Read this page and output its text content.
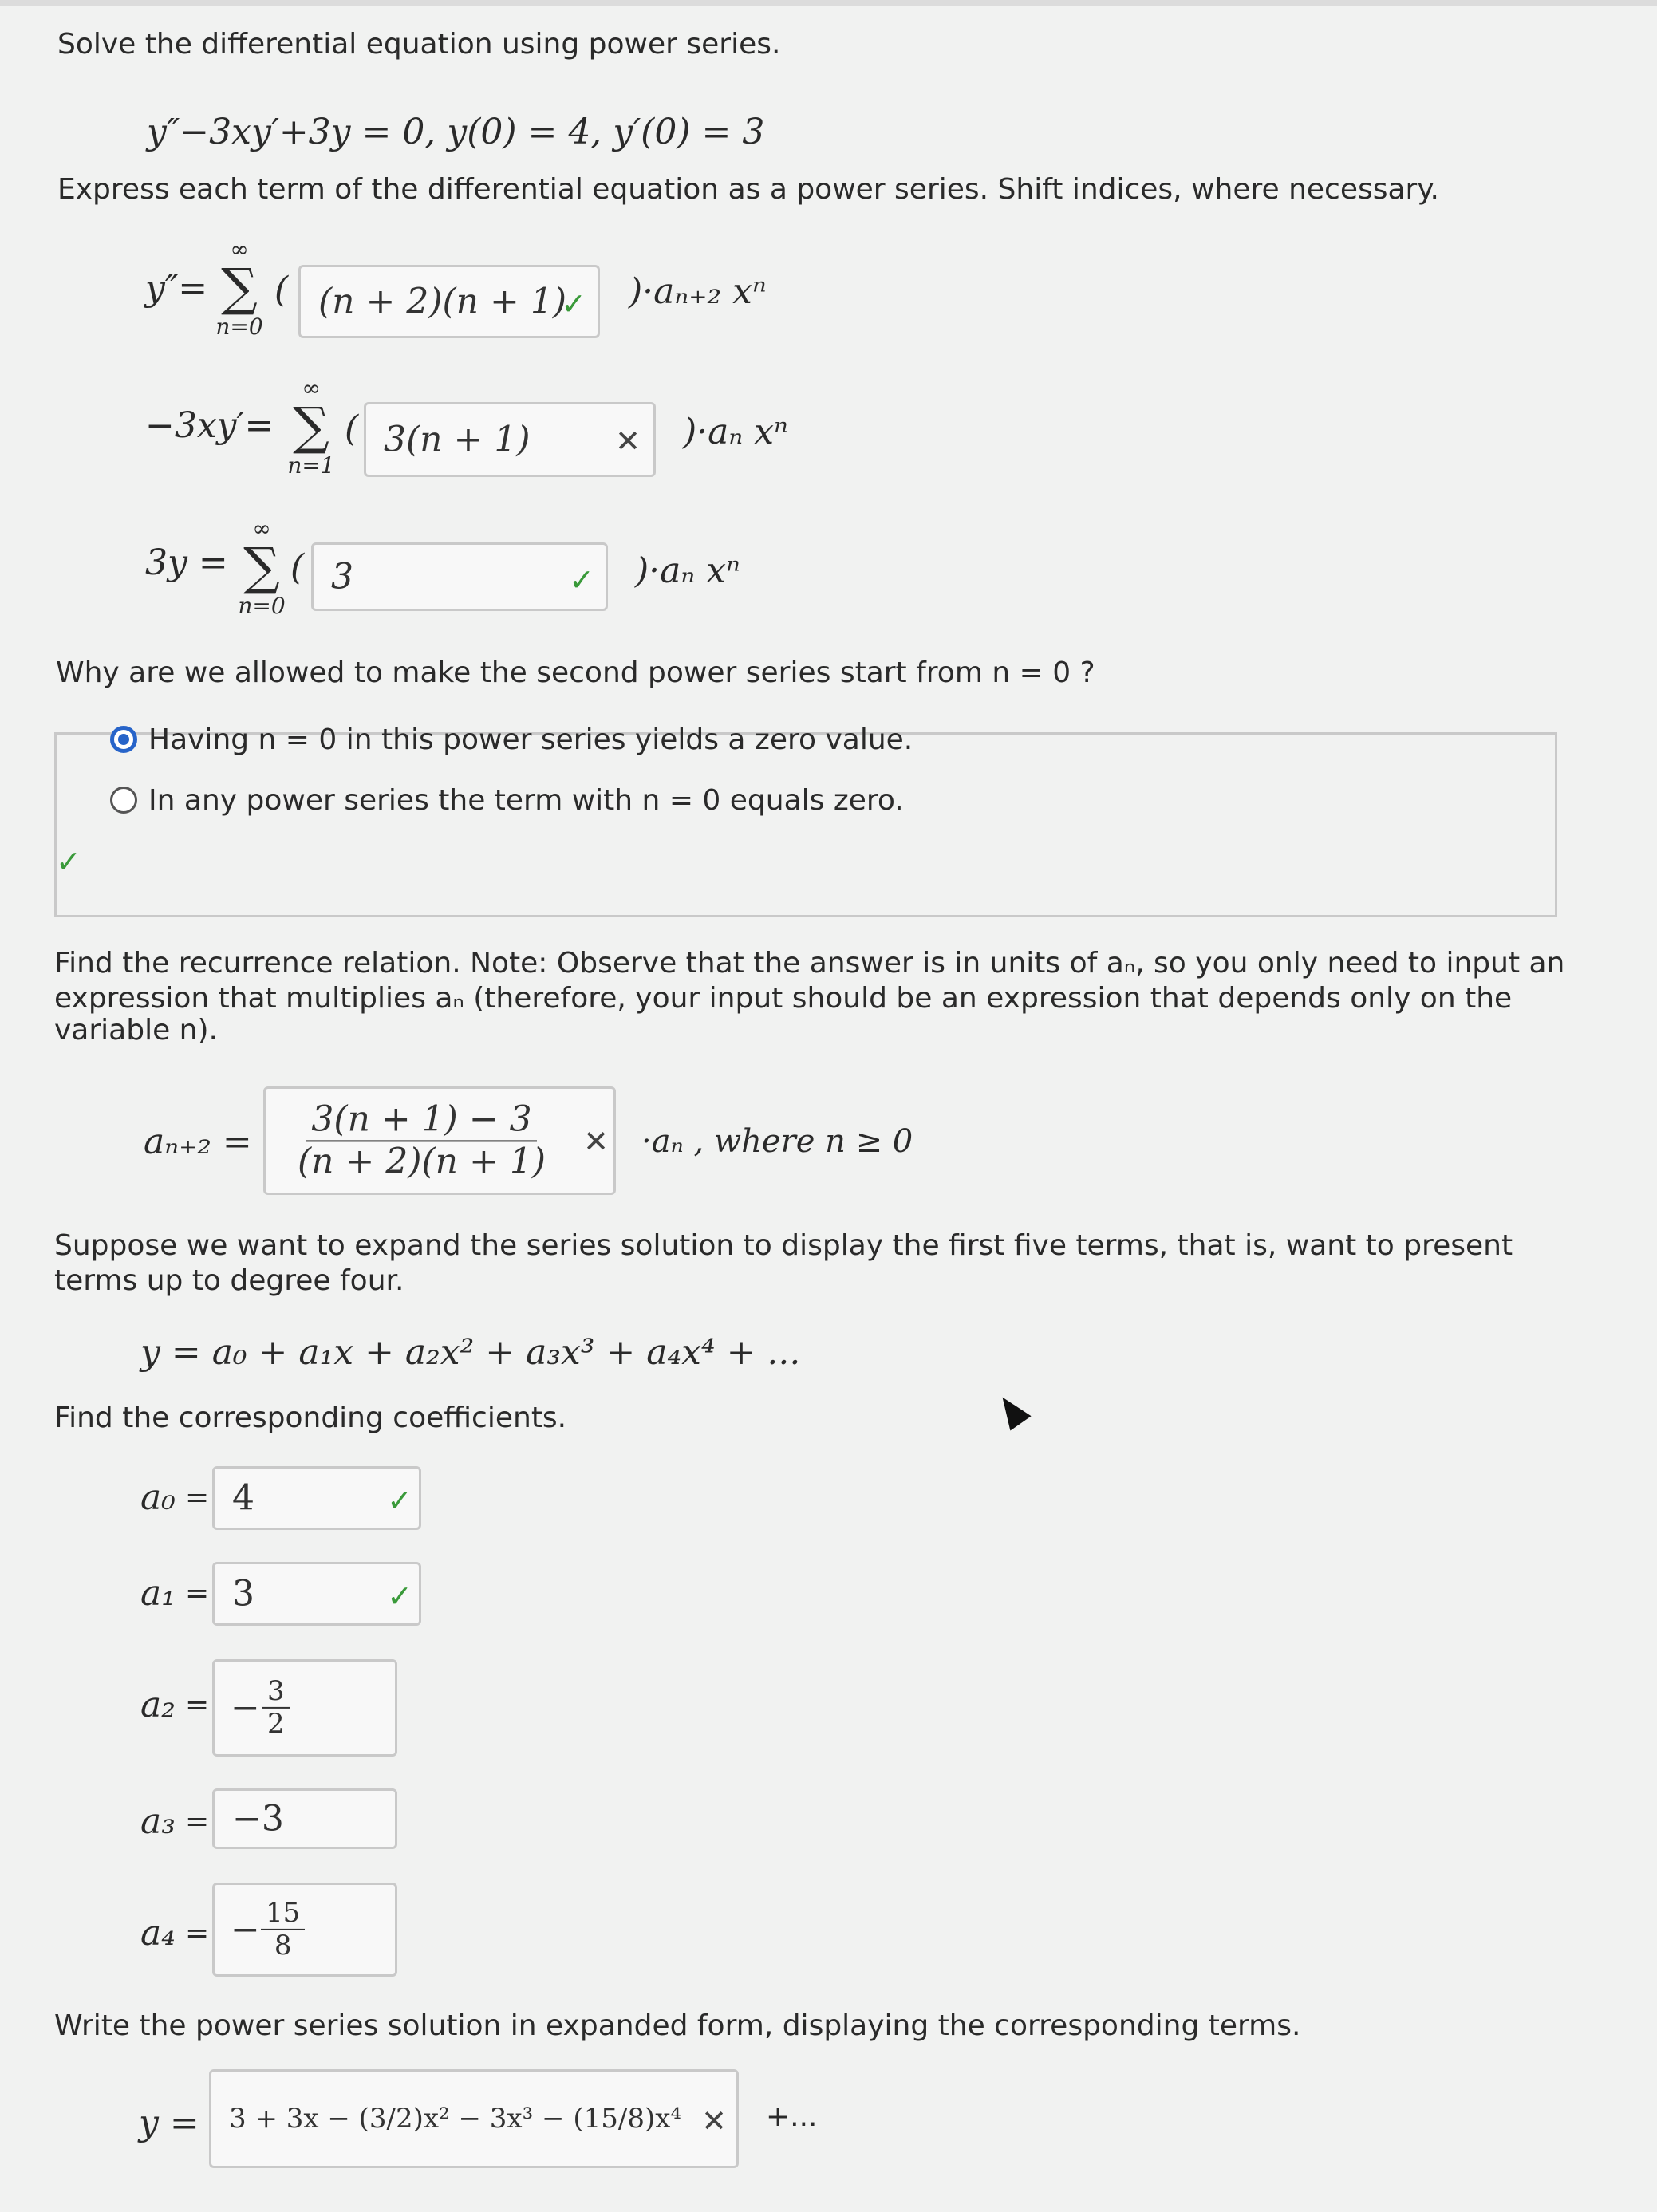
Solve the differential equation using power series.
y″−3xy′+3y = 0, y(0) = 4, y′(0) = 3
Express each term of the differential equation as a power series. Shift indices, where necessary.
y″=
∞
∑
n=0
( (n + 2)(n + 1)
✓ )·aₙ₊₂ xⁿ
−3xy′=
∞
∑
n=1
( 3(n + 1)	✕ )·aₙ xⁿ
3y =
∞
∑
n=0
( 3	✓ )·aₙ xⁿ
Why are we allowed to make the second power series start from n = 0 ?
Having n = 0 in this power series yields a zero value.
In any power series the term with n = 0 equals zero.
✓
Find the recurrence relation. Note: Observe that the answer is in units of aₙ, so you only need to input an
expression that multiplies aₙ (therefore, your input should be an expression that depends only on the
variable n).
$a_{n+2} = \frac{3(n + 1) - 3}{(n + 2)(n + 1)}$ ✕ ·aₙ , where n ≥ 0
Suppose we want to expand the series solution to display the first five terms, that is, want to present
terms up to degree four.
y = a₀ + a₁x + a₂x² + a₃x³ + a₄x⁴ + ...
Find the corresponding coefficients.
a₀ = 4	✓
a₁ = 3	✓
a₂ = − $\frac{3}{2}$
a₃ = −3
a₄ = − $\frac{15}{8}$
Write the power series solution in expanded form, displaying the corresponding terms.
y = 3 + 3x − (3/2)x² − 3x³ − (15/8)x⁴ ✕ +...
